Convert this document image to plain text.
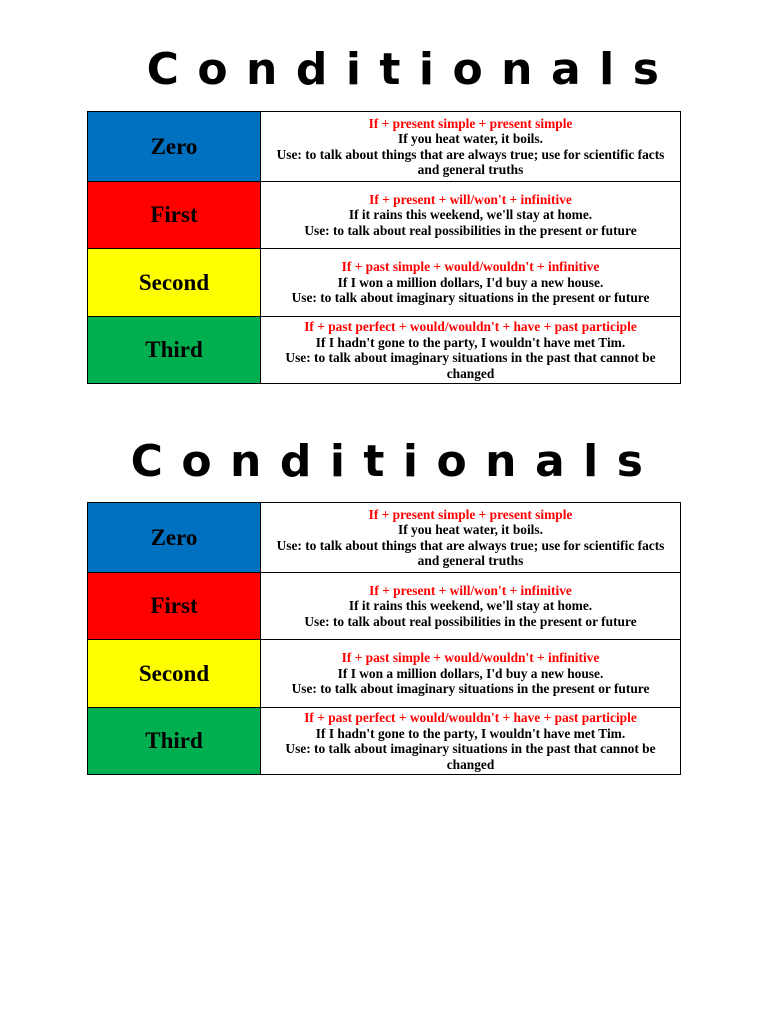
Conditionals
Zero	If + present simple + present simple
If you heat water, it boils.
Use: to talk about things that are always true; use for scientific facts and general truths

First	If + present + will/won't + infinitive
If it rains this weekend, we'll stay at home.
Use: to talk about real possibilities in the present or future

Second	If + past simple + would/wouldn't + infinitive
If I won a million dollars, I'd buy a new house.
Use: to talk about imaginary situations in the present or future

Third	If + past perfect + would/wouldn't + have + past participle
If I hadn't gone to the party, I wouldn't have met Tim.
Use: to talk about imaginary situations in the past that cannot be changed
Conditionals
Zero	If + present simple + present simple
If you heat water, it boils.
Use: to talk about things that are always true; use for scientific facts and general truths

First	If + present + will/won't + infinitive
If it rains this weekend, we'll stay at home.
Use: to talk about real possibilities in the present or future

Second	If + past simple + would/wouldn't + infinitive
If I won a million dollars, I'd buy a new house.
Use: to talk about imaginary situations in the present or future

Third	If + past perfect + would/wouldn't + have + past participle
If I hadn't gone to the party, I wouldn't have met Tim.
Use: to talk about imaginary situations in the past that cannot be changed
